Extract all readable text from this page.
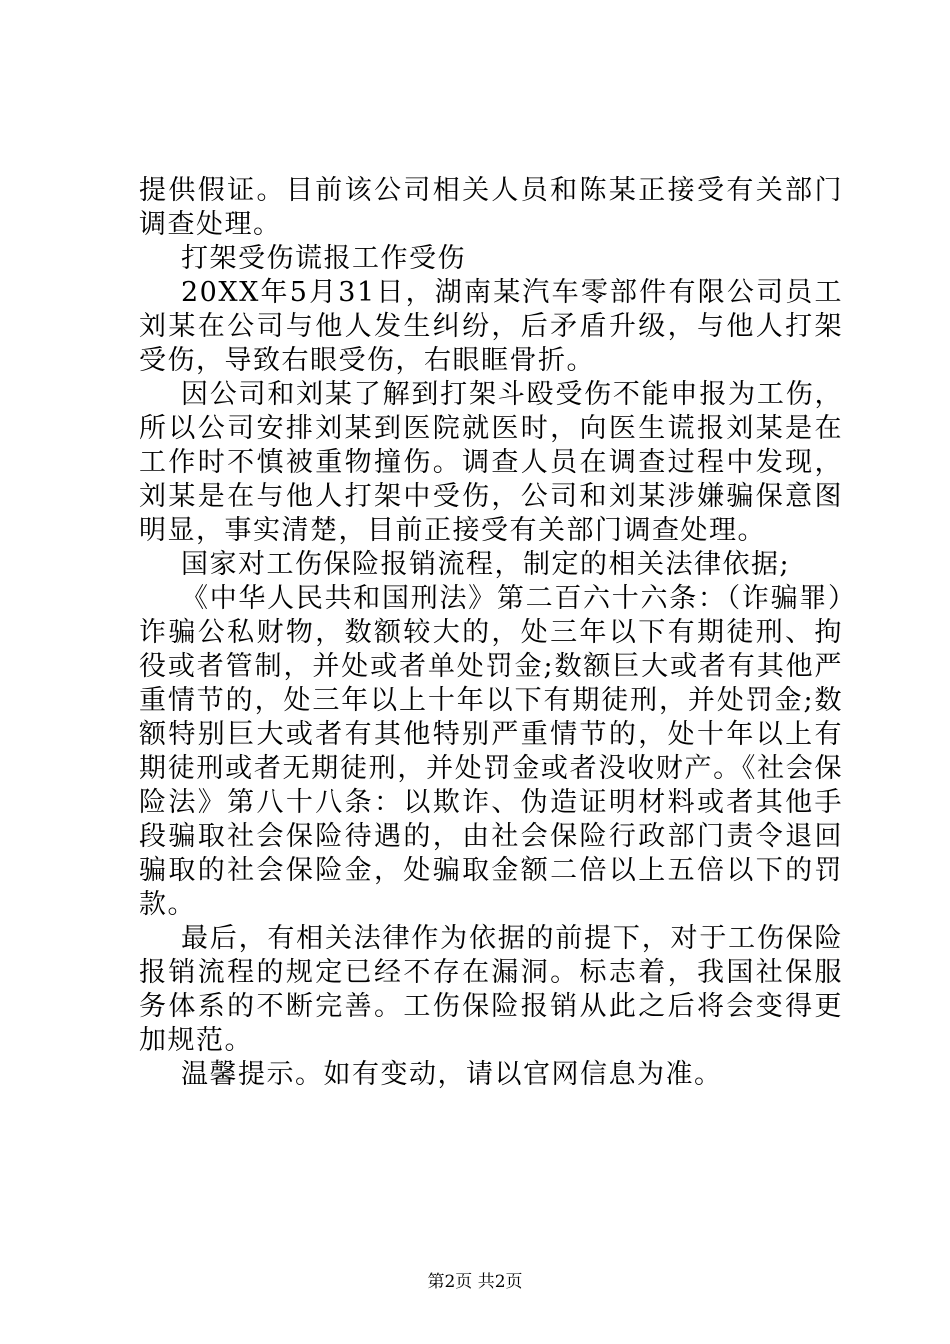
提供假证。目前该公司相关人员和陈某正接受有关部门调查处理。

打架受伤谎报工作受伤

20XX年5月31日，湖南某汽车零部件有限公司员工刘某在公司与他人发生纠纷，后矛盾升级，与他人打架受伤，导致右眼受伤，右眼眶骨折。

因公司和刘某了解到打架斗殴受伤不能申报为工伤，所以公司安排刘某到医院就医时，向医生谎报刘某是在工作时不慎被重物撞伤。调查人员在调查过程中发现，刘某是在与他人打架中受伤，公司和刘某涉嫌骗保意图明显，事实清楚，目前正接受有关部门调查处理。

国家对工伤保险报销流程，制定的相关法律依据;

《中华人民共和国刑法》第二百六十六条：（诈骗罪）诈骗公私财物，数额较大的，处三年以下有期徒刑、拘役或者管制，并处或者单处罚金;数额巨大或者有其他严重情节的，处三年以上十年以下有期徒刑，并处罚金;数额特别巨大或者有其他特别严重情节的，处十年以上有期徒刑或者无期徒刑，并处罚金或者没收财产。《社会保险法》第八十八条：以欺诈、伪造证明材料或者其他手段骗取社会保险待遇的，由社会保险行政部门责令退回骗取的社会保险金，处骗取金额二倍以上五倍以下的罚款。

最后，有相关法律作为依据的前提下，对于工伤保险报销流程的规定已经不存在漏洞。标志着，我国社保服务体系的不断完善。工伤保险报销从此之后将会变得更加规范。

温馨提示。如有变动，请以官网信息为准。

第2页 共2页
